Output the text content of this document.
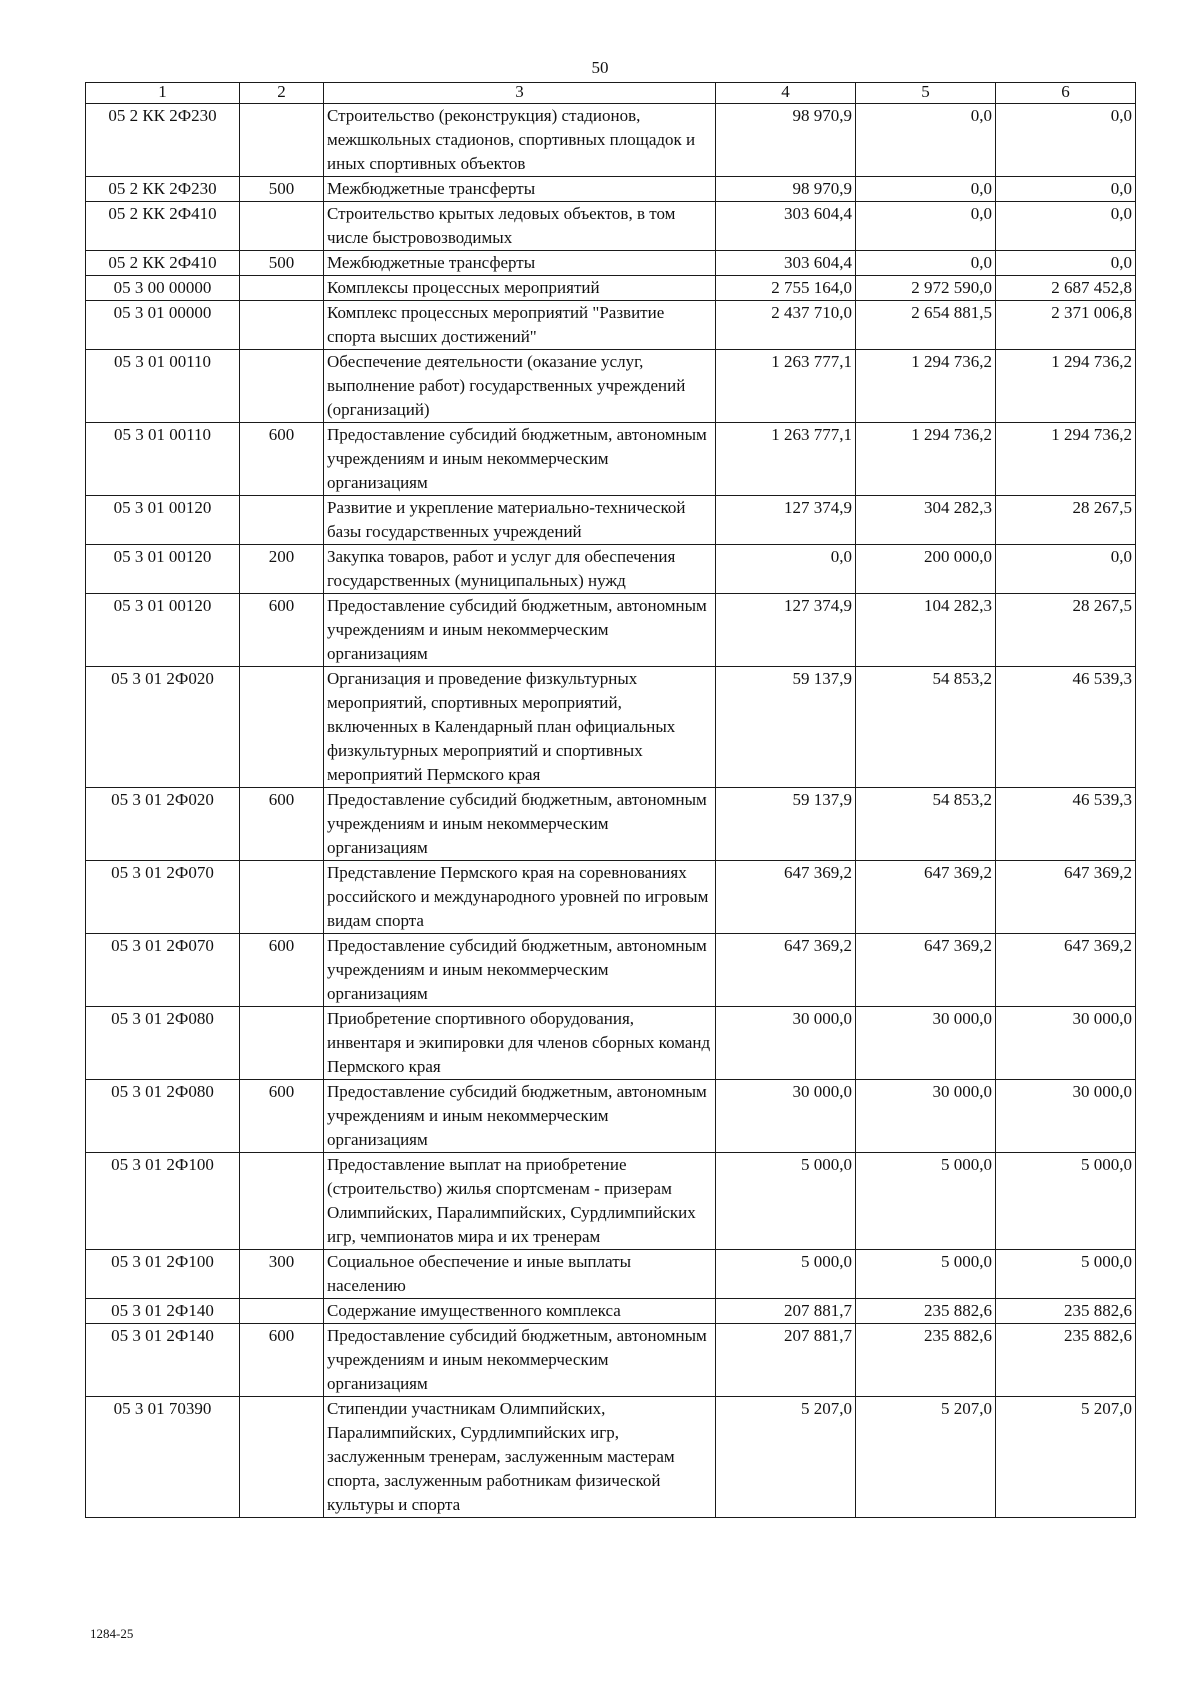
50
1	2	3	4	5	6
05 2 КК 2Ф230		Строительство (реконструкция) стадионов, межшкольных стадионов, спортивных площадок и иных спортивных объектов	98 970,9	0,0	0,0
05 2 КК 2Ф230	500	Межбюджетные трансферты	98 970,9	0,0	0,0
05 2 КК 2Ф410		Строительство крытых ледовых объектов, в том числе быстровозводимых	303 604,4	0,0	0,0
05 2 КК 2Ф410	500	Межбюджетные трансферты	303 604,4	0,0	0,0
05 3 00 00000		Комплексы процессных мероприятий	2 755 164,0	2 972 590,0	2 687 452,8
05 3 01 00000		Комплекс процессных мероприятий "Развитие спорта высших достижений"	2 437 710,0	2 654 881,5	2 371 006,8
05 3 01 00110		Обеспечение деятельности (оказание услуг, выполнение работ) государственных учреждений (организаций)	1 263 777,1	1 294 736,2	1 294 736,2
05 3 01 00110	600	Предоставление субсидий бюджетным, автономным учреждениям и иным некоммерческим организациям	1 263 777,1	1 294 736,2	1 294 736,2
05 3 01 00120		Развитие и укрепление материально-технической базы государственных учреждений	127 374,9	304 282,3	28 267,5
05 3 01 00120	200	Закупка товаров, работ и услуг для обеспечения государственных (муниципальных) нужд	0,0	200 000,0	0,0
05 3 01 00120	600	Предоставление субсидий бюджетным, автономным учреждениям и иным некоммерческим организациям	127 374,9	104 282,3	28 267,5
05 3 01 2Ф020		Организация и проведение физкультурных мероприятий, спортивных мероприятий, включенных в Календарный план официальных физкультурных мероприятий и спортивных мероприятий Пермского края	59 137,9	54 853,2	46 539,3
05 3 01 2Ф020	600	Предоставление субсидий бюджетным, автономным учреждениям и иным некоммерческим организациям	59 137,9	54 853,2	46 539,3
05 3 01 2Ф070		Представление Пермского края на соревнованиях российского и международного уровней по игровым видам спорта	647 369,2	647 369,2	647 369,2
05 3 01 2Ф070	600	Предоставление субсидий бюджетным, автономным учреждениям и иным некоммерческим организациям	647 369,2	647 369,2	647 369,2
05 3 01 2Ф080		Приобретение спортивного оборудования, инвентаря и экипировки для членов сборных команд Пермского края	30 000,0	30 000,0	30 000,0
05 3 01 2Ф080	600	Предоставление субсидий бюджетным, автономным учреждениям и иным некоммерческим организациям	30 000,0	30 000,0	30 000,0
05 3 01 2Ф100		Предоставление выплат на приобретение (строительство) жилья спортсменам - призерам Олимпийских, Паралимпийских, Сурдлимпийских игр, чемпионатов мира и их тренерам	5 000,0	5 000,0	5 000,0
05 3 01 2Ф100	300	Социальное обеспечение и иные выплаты населению	5 000,0	5 000,0	5 000,0
05 3 01 2Ф140		Содержание имущественного комплекса	207 881,7	235 882,6	235 882,6
05 3 01 2Ф140	600	Предоставление субсидий бюджетным, автономным учреждениям и иным некоммерческим организациям	207 881,7	235 882,6	235 882,6
05 3 01 70390		Стипендии участникам Олимпийских, Паралимпийских, Сурдлимпийских игр, заслуженным тренерам, заслуженным мастерам спорта, заслуженным работникам физической культуры и спорта	5 207,0	5 207,0	5 207,0
1284-25
